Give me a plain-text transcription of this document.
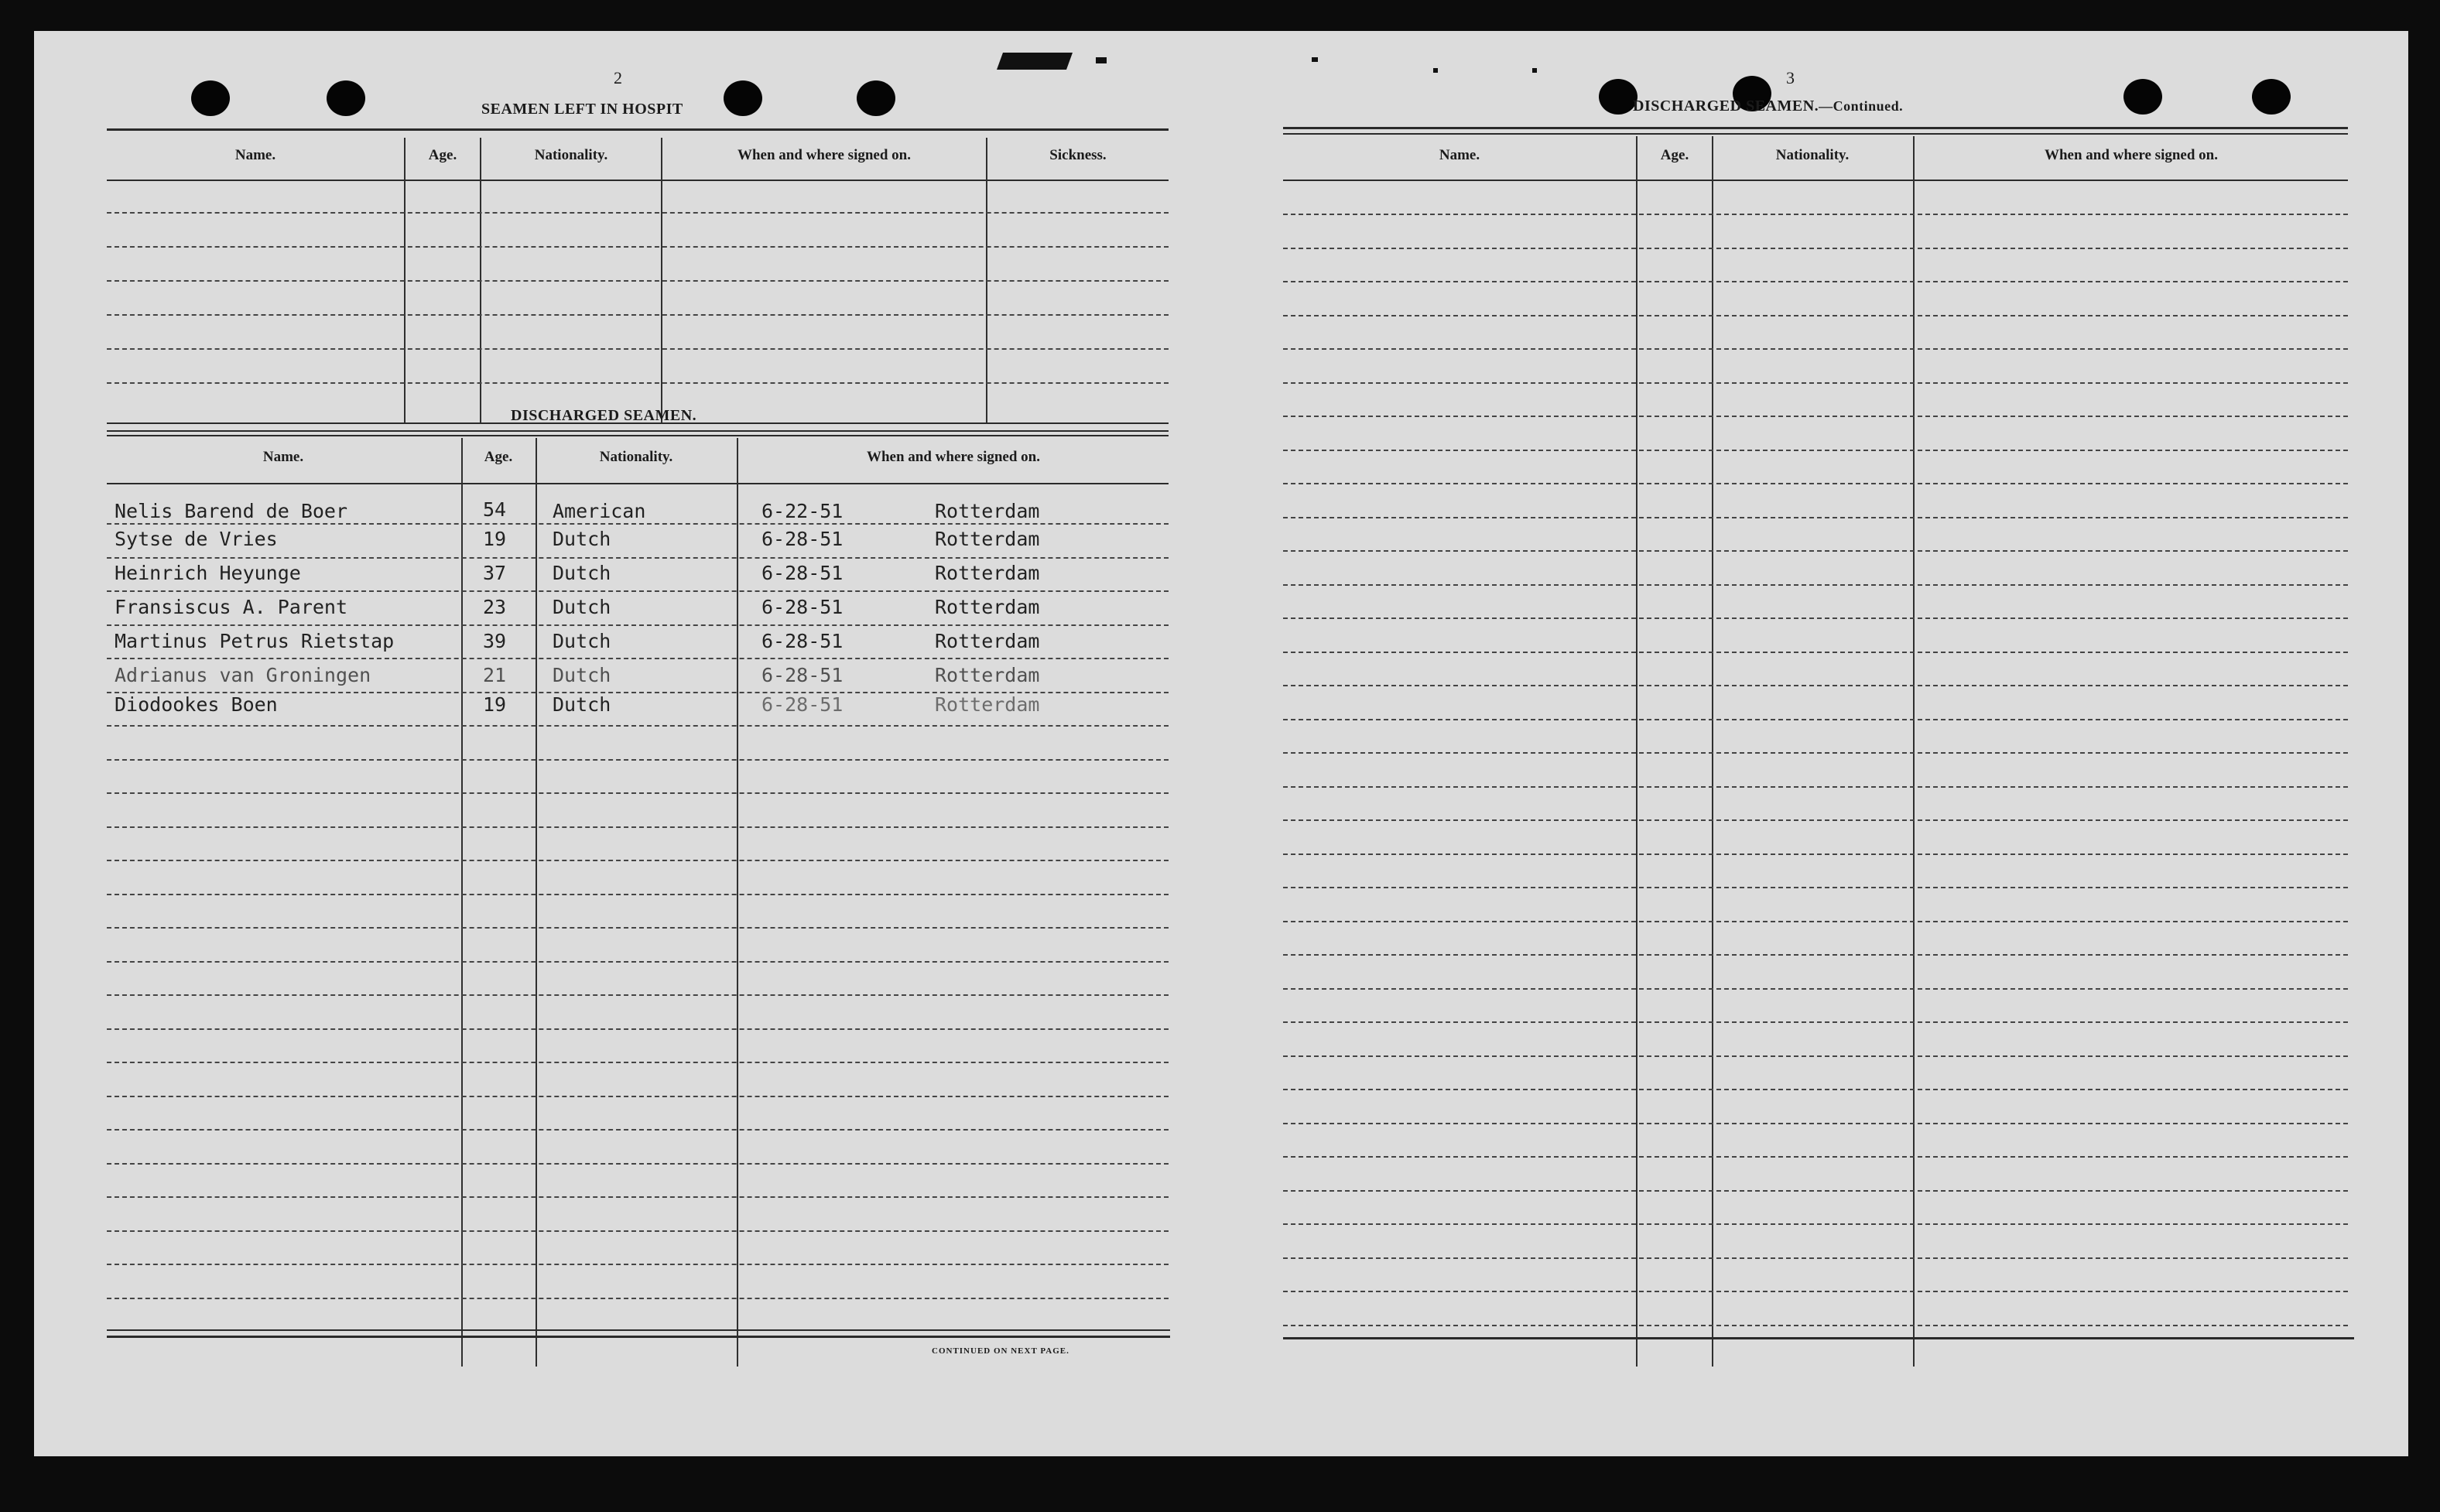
2
SEAMEN LEFT IN HOSPIT
Name.	Age.	Nationality.	When and where signed on.	Sickness.
DISCHARGED SEAMEN.
Name.	Age.	Nationality.	When and where signed on.
Nelis Barend de Boer	54 American	6-22-51	Rotterdam
Sytse de Vries	19 Dutch	6-28-51	Rotterdam
Heinrich Heyunge	37 Dutch	6-28-51	Rotterdam
Fransiscus A. Parent	23 Dutch	6-28-51	Rotterdam
Martinus Petrus Rietstap	39 Dutch	6-28-51	Rotterdam
Adrianus van Groningen	21 Dutch	6-28-51	Rotterdam
Diodookes Boen	19 Dutch	6-28-51	Rotterdam
CONTINUED ON NEXT PAGE.
3
DISCHARGED SEAMEN.—Continued.
Name.	Age.	Nationality.	When and where signed on.
